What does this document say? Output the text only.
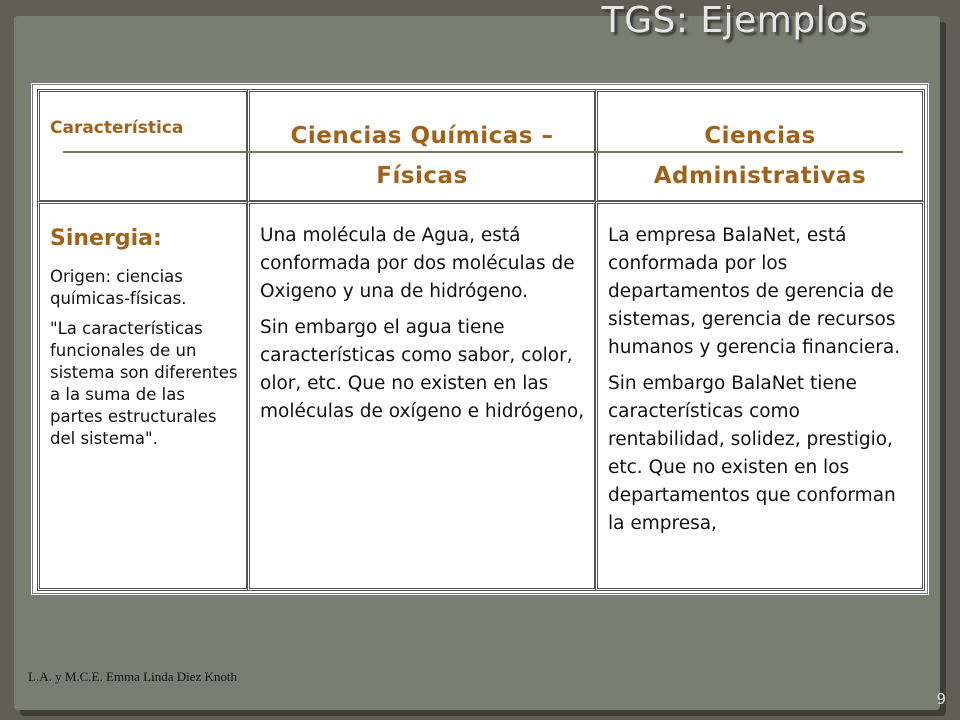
TGS: Ejemplos
Característica	Ciencias Químicas –
Físicas
Ciencias
Administrativas
Sinergia:

Origen: ciencias químicas-físicas.

"La características funcionales de un sistema son diferentes a la suma de las partes estructurales del sistema".

Una molécula de Agua, está conformada por dos moléculas de Oxigeno y una de hidrógeno.

Sin embargo el agua tiene características como sabor, color, olor, etc. Que no existen en las moléculas de oxígeno e hidrógeno,

La empresa BalaNet, está conformada por los departamentos de gerencia de sistemas, gerencia de recursos humanos y gerencia financiera.

Sin embargo BalaNet tiene características como rentabilidad, solidez, prestigio, etc. Que no existen en los departamentos que conforman la empresa,

L.A. y M.C.E. Emma Linda Diez Knoth
9
